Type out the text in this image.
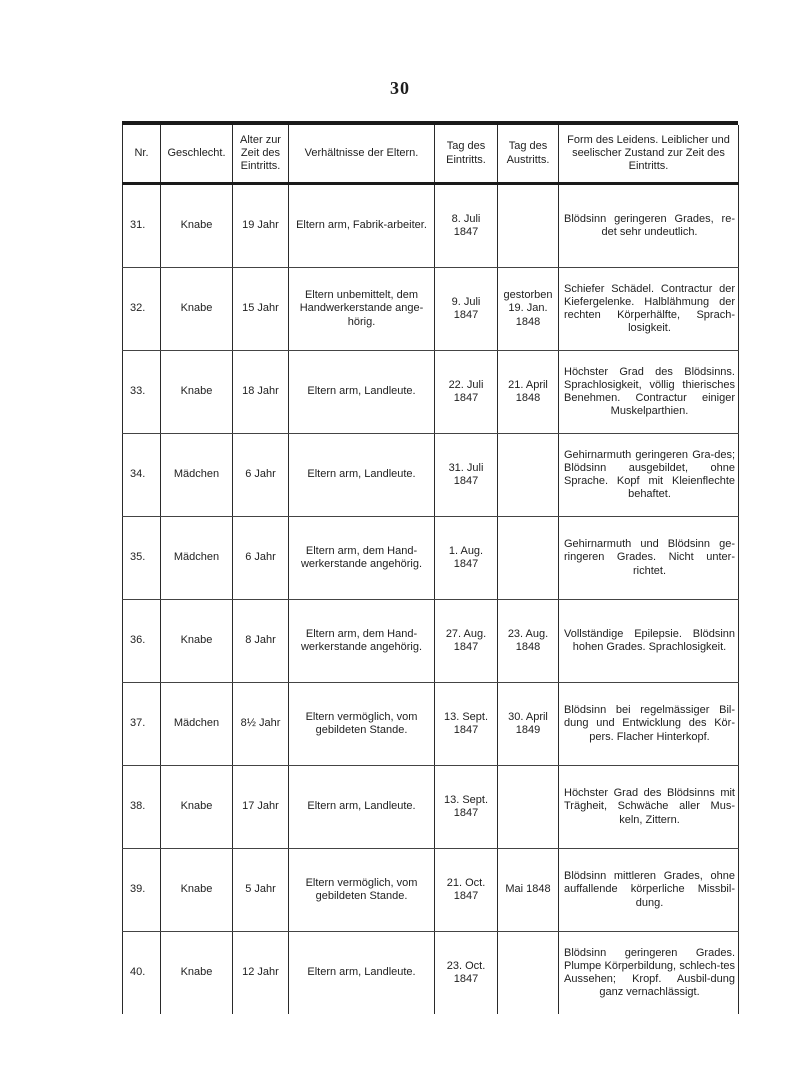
30
Nr.	Geschlecht.	Alter zur Zeit des Eintritts.	Verhältnisse der Eltern.	Tag des Eintritts.	Tag des Austritts.	Form des Leidens. Leiblicher und seelischer Zustand zur Zeit des Eintritts.
31.	Knabe	19 Jahr	Eltern arm, Fabrik-arbeiter.	8. Juli 1847		Blödsinn geringeren Grades, re-det sehr undeutlich.
32.	Knabe	15 Jahr	Eltern unbemittelt, dem Handwerkerstande ange-hörig.	9. Juli 1847	gestorben 19. Jan. 1848	Schiefer Schädel. Contractur der Kiefergelenke. Halblähmung der rechten Körperhälfte, Sprach-losigkeit.
33.	Knabe	18 Jahr	Eltern arm, Landleute.	22. Juli 1847	21. April 1848	Höchster Grad des Blödsinns. Sprachlosigkeit, völlig thierisches Benehmen. Contractur einiger Muskelparthien.
34.	Mädchen	6 Jahr	Eltern arm, Landleute.	31. Juli 1847		Gehirnarmuth geringeren Gra-des; Blödsinn ausgebildet, ohne Sprache. Kopf mit Kleienflechte behaftet.
35.	Mädchen	6 Jahr	Eltern arm, dem Hand-werkerstande angehörig.	1. Aug. 1847		Gehirnarmuth und Blödsinn ge-ringeren Grades. Nicht unter-richtet.
36.	Knabe	8 Jahr	Eltern arm, dem Hand-werkerstande angehörig.	27. Aug. 1847	23. Aug. 1848	Vollständige Epilepsie. Blödsinn hohen Grades. Sprachlosigkeit.
37.	Mädchen	8½ Jahr	Eltern vermöglich, vom gebildeten Stande.	13. Sept. 1847	30. April 1849	Blödsinn bei regelmässiger Bil-dung und Entwicklung des Kör-pers. Flacher Hinterkopf.
38.	Knabe	17 Jahr	Eltern arm, Landleute.	13. Sept. 1847		Höchster Grad des Blödsinns mit Trägheit, Schwäche aller Mus-keln, Zittern.
39.	Knabe	5 Jahr	Eltern vermöglich, vom gebildeten Stande.	21. Oct. 1847	Mai 1848	Blödsinn mittleren Grades, ohne auffallende körperliche Missbil-dung.
40.	Knabe	12 Jahr	Eltern arm, Landleute.	23. Oct. 1847		Blödsinn geringeren Grades. Plumpe Körperbildung, schlech-tes Aussehen; Kropf. Ausbil-dung ganz vernachlässigt.
